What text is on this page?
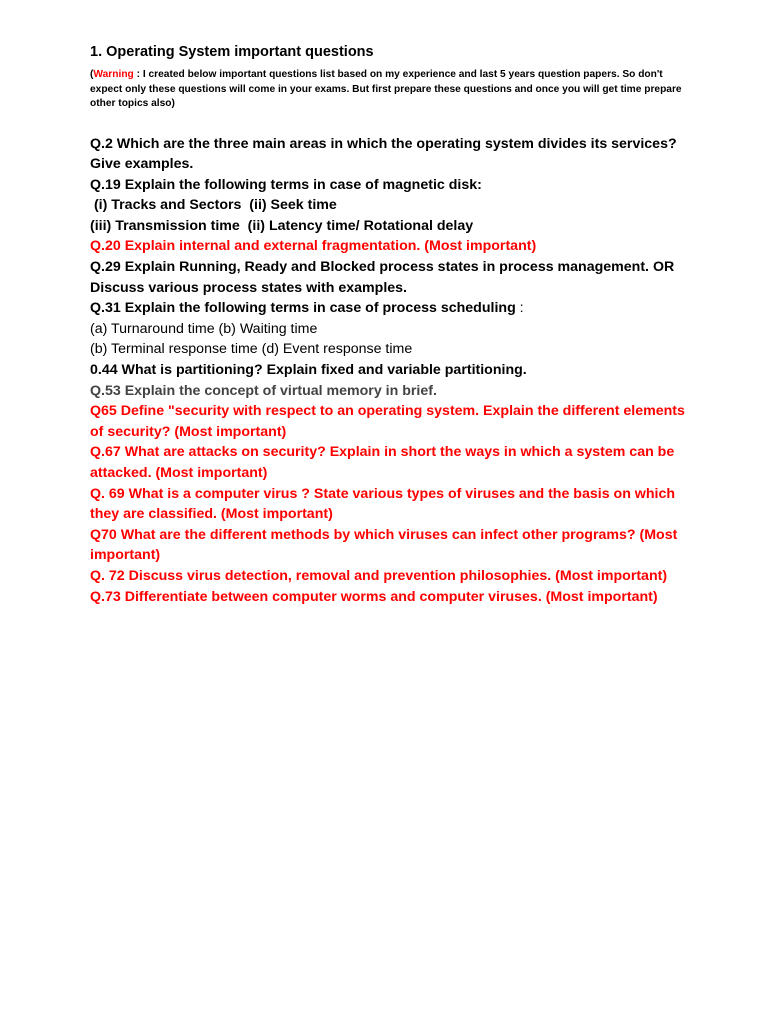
1. Operating System important questions
(Warning : I created below important questions list based on my experience and last 5 years question papers. So don't expect only these questions will come in your exams. But first prepare these questions and once you will get time prepare other topics also)

Q.2 Which are the three main areas in which the operating system divides its services? Give examples.

Q.19 Explain the following terms in case of magnetic disk:

(i) Tracks and Sectors  (ii) Seek time

(iii) Transmission time  (ii) Latency time/ Rotational delay

Q.20 Explain internal and external fragmentation. (Most important)

Q.29 Explain Running, Ready and Blocked process states in process management. OR Discuss various process states with examples.

Q.31 Explain the following terms in case of process scheduling :

(a) Turnaround time (b) Waiting time

(b) Terminal response time (d) Event response time

0.44 What is partitioning? Explain fixed and variable partitioning.

Q.53 Explain the concept of virtual memory in brief.

Q65 Define "security with respect to an operating system. Explain the different elements of security? (Most important)

Q.67 What are attacks on security? Explain in short the ways in which a system can be attacked. (Most important)

Q. 69 What is a computer virus ? State various types of viruses and the basis on which they are classified. (Most important)

Q70 What are the different methods by which viruses can infect other programs? (Most important)

Q. 72 Discuss virus detection, removal and prevention philosophies. (Most important)

Q.73 Differentiate between computer worms and computer viruses. (Most important)
